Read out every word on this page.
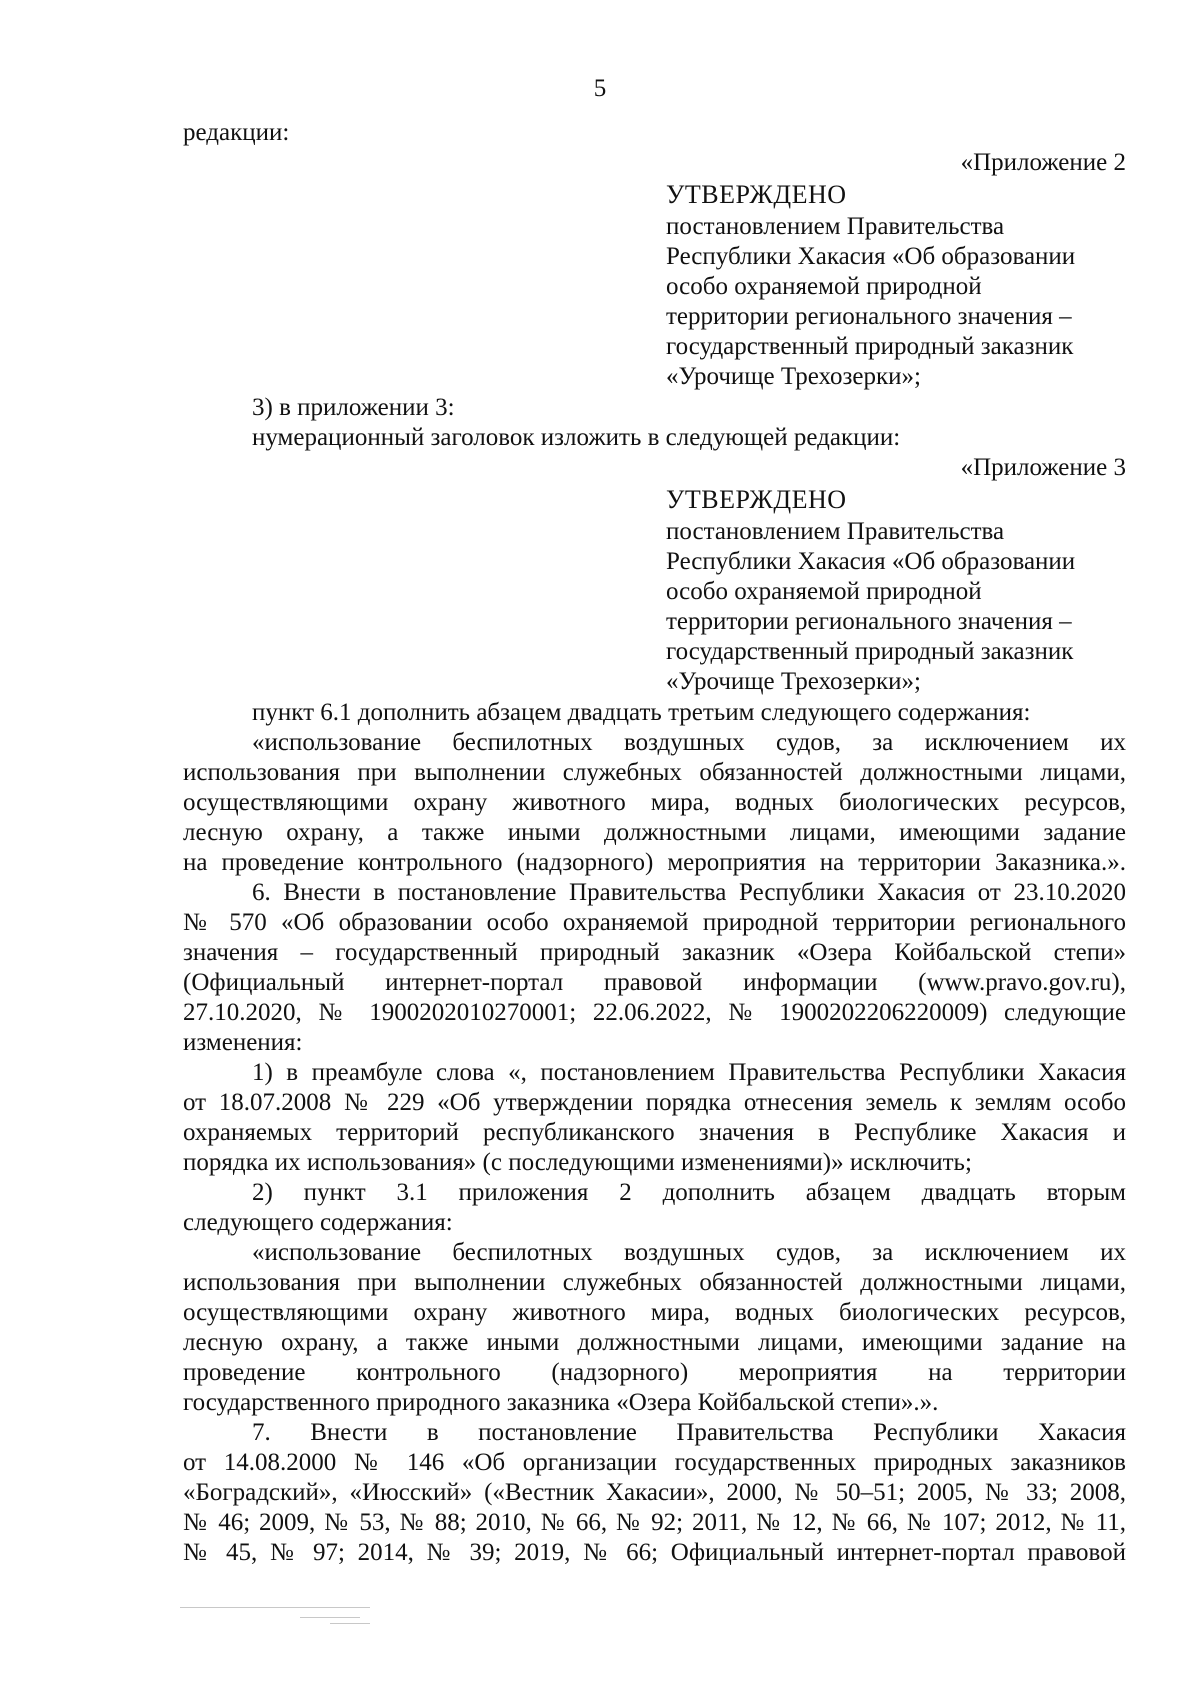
5
редакции:
«Приложение 2
УТВЕРЖДЕНО
постановлением Правительства
Республики Хакасия «Об образовании
особо охраняемой природной
территории регионального значения –
государственный природный заказник
«Урочище Трехозерки»;
3) в приложении 3:
нумерационный заголовок изложить в следующей редакции:
«Приложение 3
УТВЕРЖДЕНО
постановлением Правительства
Республики Хакасия «Об образовании
особо охраняемой природной
территории регионального значения –
государственный природный заказник
«Урочище Трехозерки»;
пункт 6.1 дополнить абзацем двадцать третьим следующего содержания:
«использование беспилотных воздушных судов, за исключением их
использования при выполнении служебных обязанностей должностными лицами,
осуществляющими охрану животного мира, водных биологических ресурсов,
лесную охрану, а также иными должностными лицами, имеющими задание
на проведение контрольного (надзорного) мероприятия на территории Заказника.».
6. Внести в постановление Правительства Республики Хакасия от 23.10.2020
№ 570 «Об образовании особо охраняемой природной территории регионального
значения – государственный природный заказник «Озера Койбальской степи»
(Официальный интернет-портал правовой информации (www.pravo.gov.ru),
27.10.2020, № 1900202010270001; 22.06.2022, № 1900202206220009) следующие
изменения:
1) в преамбуле слова «, постановлением Правительства Республики Хакасия
от 18.07.2008 № 229 «Об утверждении порядка отнесения земель к землям особо
охраняемых территорий республиканского значения в Республике Хакасия и
порядка их использования» (с последующими изменениями)» исключить;
2) пункт 3.1 приложения 2 дополнить абзацем двадцать вторым
следующего содержания:
«использование беспилотных воздушных судов, за исключением их
использования при выполнении служебных обязанностей должностными лицами,
осуществляющими охрану животного мира, водных биологических ресурсов,
лесную охрану, а также иными должностными лицами, имеющими задание на
проведение контрольного (надзорного) мероприятия на территории
государственного природного заказника «Озера Койбальской степи».».
7. Внести в постановление Правительства Республики Хакасия
от 14.08.2000 № 146 «Об организации государственных природных заказников
«Боградский», «Июсский» («Вестник Хакасии», 2000, № 50–51; 2005, № 33; 2008,
№ 46; 2009, № 53, № 88; 2010, № 66, № 92; 2011, № 12, № 66, № 107; 2012, № 11,
№ 45, № 97; 2014, № 39; 2019, № 66; Официальный интернет-портал правовой
